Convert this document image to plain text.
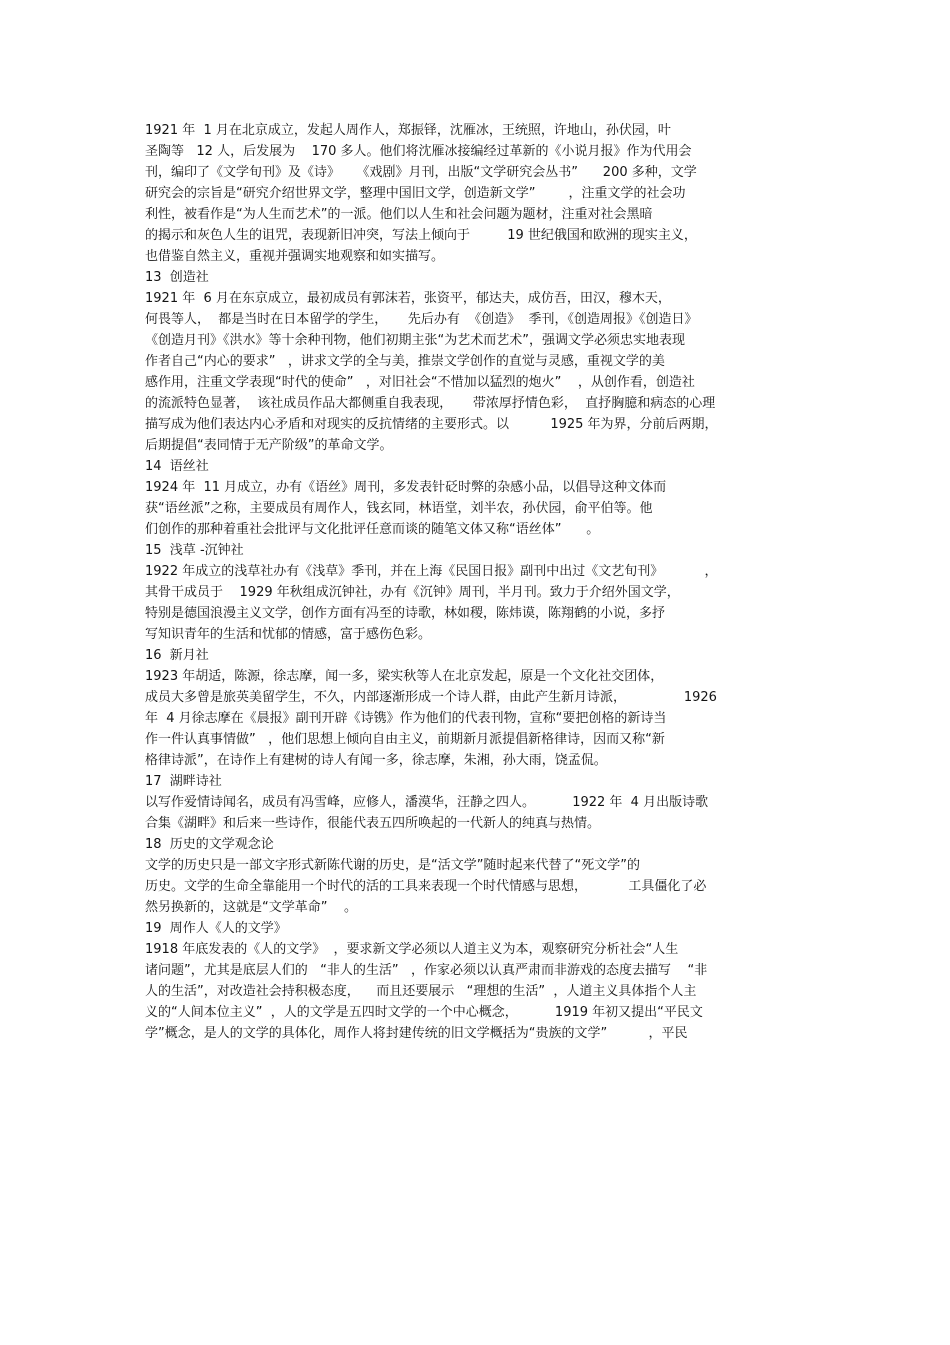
1921 年  1 月在北京成立，发起人周作人，郑振铎，沈雁冰，王统照，许地山，孙伏园，叶

圣陶等   12 人，后发展为    170 多人。他们将沈雁冰接编经过革新的《小说月报》作为代用会

刊，编印了《文学旬刊》及《诗》    《戏剧》月刊，出版“文学研究会丛书”      200 多种，文学

研究会的宗旨是“研究介绍世界文学，整理中国旧文学，创造新文学”        ，注重文学的社会功

利性，被看作是“为人生而艺术”的一派。他们以人生和社会问题为题材，注重对社会黑暗

的揭示和灰色人生的诅咒，表现新旧冲突，写法上倾向于         19 世纪俄国和欧洲的现实主义，

也借鉴自然主义，重视并强调实地观察和如实描写。

13  创造社

1921 年  6 月在东京成立，最初成员有郭沫若，张资平，郁达夫，成仿吾，田汉，穆木天，

何畏等人，  都是当时在日本留学的学生，     先后办有  《创造》  季刊，《创造周报》《创造日》

《创造月刊》《洪水》等十余种刊物，他们初期主张“为艺术而艺术”，强调文学必须忠实地表现

作者自己“内心的要求”   ，讲求文学的全与美，推崇文学创作的直觉与灵感，重视文学的美

感作用，注重文学表现“时代的使命”   ，对旧社会“不惜加以猛烈的炮火”    ，从创作看，创造社

的流派特色显著，  该社成员作品大都侧重自我表现，     带浓厚抒情色彩，  直抒胸臆和病态的心理

描写成为他们表达内心矛盾和对现实的反抗情绪的主要形式。以          1925 年为界，分前后两期，

后期提倡“表同情于无产阶级”的革命文学。

14  语丝社

1924 年  11 月成立，办有《语丝》周刊，多发表针砭时弊的杂感小品，以倡导这种文体而

获“语丝派”之称，主要成员有周作人，钱玄同，林语堂，刘半农，孙伏园，俞平伯等。他

们创作的那种着重社会批评与文化批评任意而谈的随笔文体又称“语丝体”      。

15  浅草 -沉钟社

1922 年成立的浅草社办有《浅草》季刊，并在上海《民国日报》副刊中出过《文艺旬刊》          ，

其骨干成员于    1929 年秋组成沉钟社，办有《沉钟》周刊，半月刊。致力于介绍外国文学，

特别是德国浪漫主义文学，创作方面有冯至的诗歌，林如稷，陈炜谟，陈翔鹤的小说，多抒

写知识青年的生活和忧郁的情感，富于感伤色彩。

16  新月社

1923 年胡适，陈源，徐志摩，闻一多，梁实秋等人在北京发起，原是一个文化社交团体，

成员大多曾是旅英美留学生，不久，内部逐渐形成一个诗人群，由此产生新月诗派，              1926

年  4 月徐志摩在《晨报》副刊开辟《诗镌》作为他们的代表刊物，宣称“要把创格的新诗当

作一件认真事情做”   ，他们思想上倾向自由主义，前期新月派提倡新格律诗，因而又称“新

格律诗派”，在诗作上有建树的诗人有闻一多，徐志摩，朱湘，孙大雨，饶孟侃。

17  湖畔诗社

以写作爱情诗闻名，成员有冯雪峰，应修人，潘漠华，汪静之四人。         1922 年  4 月出版诗歌

合集《湖畔》和后来一些诗作，很能代表五四所唤起的一代新人的纯真与热情。

18  历史的文学观念论

文学的历史只是一部文字形式新陈代谢的历史，是“活文学”随时起来代替了“死文学”的

历史。文学的生命全靠能用一个时代的活的工具来表现一个时代情感与思想，          工具僵化了必

然另换新的，这就是“文学革命”    。

19  周作人《人的文学》

1918 年底发表的《人的文学》  ，要求新文学必须以人道主义为本，观察研究分析社会“人生

诸问题”，尤其是底层人们的   “非人的生活”   ，作家必须以认真严肃而非游戏的态度去描写    “非

人的生活”，对改造社会持积极态度，    而且还要展示   “理想的生活”  ，人道主义具体指个人主

义的“人间本位主义”  ，人的文学是五四时文学的一个中心概念，         1919 年初又提出“平民文

学”概念，是人的文学的具体化，周作人将封建传统的旧文学概括为“贵族的文学”          ，平民
